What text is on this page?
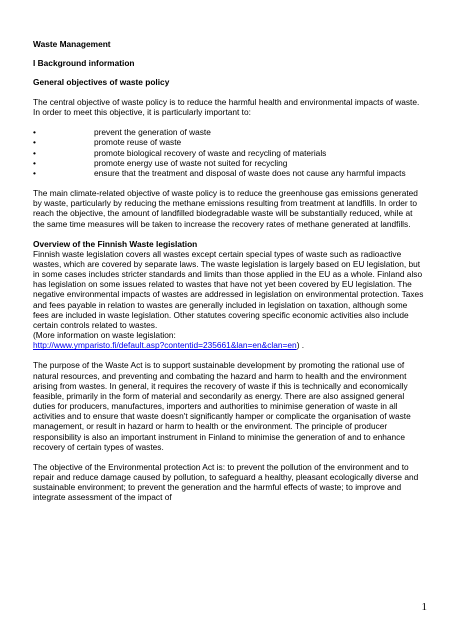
Waste Management
I Background information
General objectives of waste policy

The central objective of waste policy is to reduce the harmful health and environmental impacts of waste. In order to meet this objective, it is particularly important to:

•	prevent the generation of waste
•	promote reuse of waste
•	promote biological recovery of waste and recycling of materials
•	promote energy use of waste not suited for recycling
•	ensure that the treatment and disposal of waste does not cause any harmful impacts

The main climate-related objective of waste policy is to reduce the greenhouse gas emissions generated by waste, particularly by reducing the methane emissions resulting from treatment at landfills. In order to reach the objective, the amount of landfilled biodegradable waste will be substantially reduced, while at the same time measures will be taken to increase the recovery rates of methane generated at landfills.

Overview of the Finnish Waste legislation

Finnish waste legislation covers all wastes except certain special types of waste such as radioactive wastes, which are covered by separate laws. The waste legislation is largely based on EU legislation, but in some cases includes stricter standards and limits than those applied in the EU as a whole. Finland also has legislation on some issues related to wastes that have not yet been covered by EU legislation. The negative environmental impacts of wastes are addressed in legislation on environmental protection. Taxes and fees payable in relation to wastes are generally included in legislation on taxation, although some fees are included in waste legislation. Other statutes covering specific economic activities also include certain controls related to wastes.

(More information on waste legislation:

http://www.ymparisto.fi/default.asp?contentid=235661&lan=en&clan=en) .

The purpose of the Waste Act is to support sustainable development by promoting the rational use of natural resources, and preventing and combating the hazard and harm to health and the environment arising from wastes. In general, it requires the recovery of waste if this is technically and economically feasible, primarily in the form of material and secondarily as energy. There are also assigned general duties for producers, manufactures, importers and authorities to minimise generation of waste in all activities and to ensure that waste doesn't significantly hamper or complicate the organisation of waste management, or result in hazard or harm to health or the environment. The principle of producer responsibility is also an important instrument in Finland to minimise the generation of and to enhance recovery of certain types of wastes.

The objective of the Environmental protection Act is: to prevent the pollution of the environment and to repair and reduce damage caused by pollution, to safeguard a healthy, pleasant ecologically diverse and sustainable environment; to prevent the generation and the harmful effects of waste; to improve and integrate assessment of the impact of

1
